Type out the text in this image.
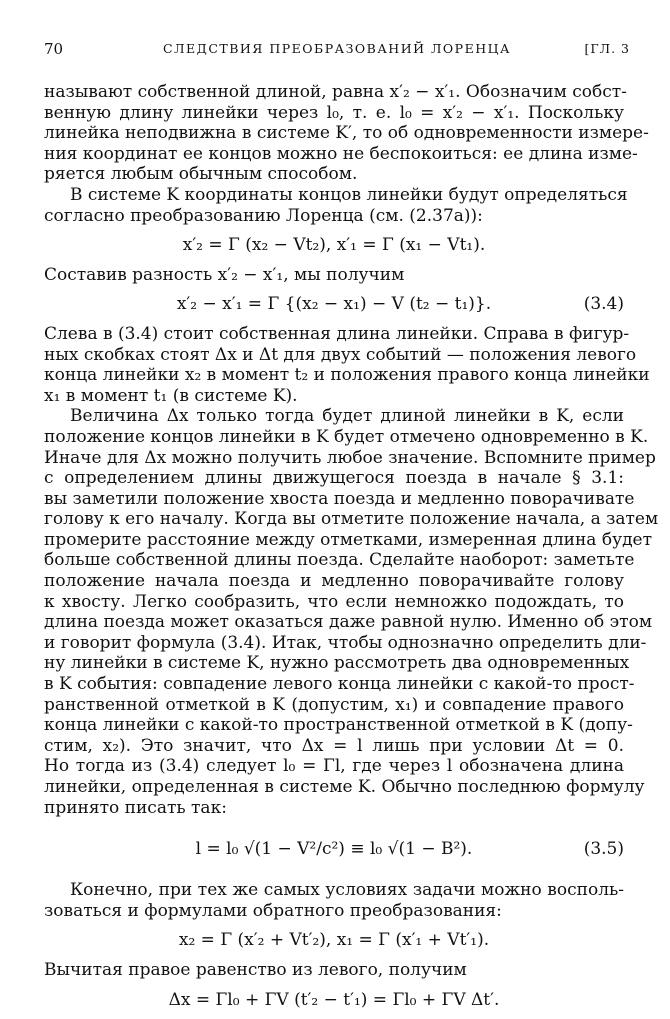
70	СЛЕДСТВИЯ ПРЕОБРАЗОВАНИЙ ЛОРЕНЦА	[ГЛ. 3
называют собственной длиной, равна x′₂ − x′₁. Обозначим собст-
венную длину линейки через l₀, т. е. l₀ = x′₂ − x′₁. Поскольку
линейка неподвижна в системе K′, то об одновременности измере-
ния координат ее концов можно не беспокоиться: ее длина изме-
ряется любым обычным способом.
В системе K координаты концов линейки будут определяться
согласно преобразованию Лоренца (см. (2.37а)):
x′₂ = Γ (x₂ − Vt₂), x′₁ = Γ (x₁ − Vt₁).
Составив разность x′₂ − x′₁, мы получим
x′₂ − x′₁ = Γ {(x₂ − x₁) − V (t₂ − t₁)}.	(3.4)
Слева в (3.4) стоит собственная длина линейки. Справа в фигур-
ных скобках стоят Δx и Δt для двух событий — положения левого
конца линейки x₂ в момент t₂ и положения правого конца линейки
x₁ в момент t₁ (в системе K).
Величина Δx только тогда будет длиной линейки в K, если
положение концов линейки в K будет отмечено одновременно в K.
Иначе для Δx можно получить любое значение. Вспомните пример
с определением длины движущегося поезда в начале § 3.1:
вы заметили положение хвоста поезда и медленно поворачивате
голову к его началу. Когда вы отметите положение начала, а затем
промерите расстояние между отметками, измеренная длина будет
больше собственной длины поезда. Сделайте наоборот: заметьте
положение начала поезда и медленно поворачивайте голову
к хвосту. Легко сообразить, что если немножко подождать, то
длина поезда может оказаться даже равной нулю. Именно об этом
и говорит формула (3.4). Итак, чтобы однозначно определить дли-
ну линейки в системе K, нужно рассмотреть два одновременных
в K события: совпадение левого конца линейки с какой-то прост-
ранственной отметкой в K (допустим, x₁) и совпадение правого
конца линейки с какой-то пространственной отметкой в K (допу-
стим, x₂). Это значит, что Δx = l лишь при условии Δt = 0.
Но тогда из (3.4) следует l₀ = Γl, где через l обозначена длина
линейки, определенная в системе K. Обычно последнюю формулу
принято писать так:
l = l₀ √(1 − V²/c²) ≡ l₀ √(1 − B²).	(3.5)
Конечно, при тех же самых условиях задачи можно восполь-
зоваться и формулами обратного преобразования:
x₂ = Γ (x′₂ + Vt′₂), x₁ = Γ (x′₁ + Vt′₁).
Вычитая правое равенство из левого, получим
Δx = Γl₀ + ΓV (t′₂ − t′₁) = Γl₀ + ΓV Δt′.
